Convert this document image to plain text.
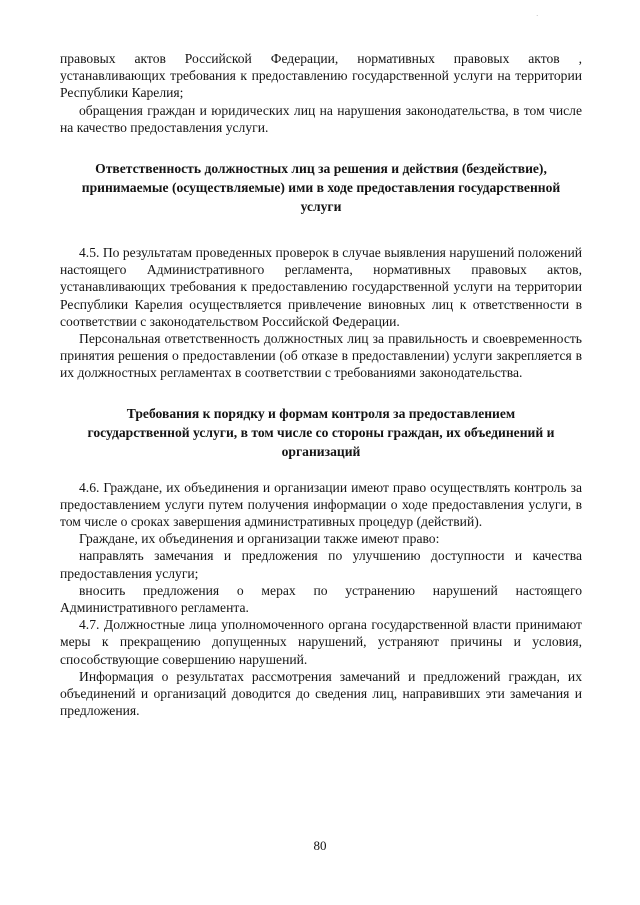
·

правовых актов Российской Федерации, нормативных правовых актов , устанавливающих требования к предоставлению государственной услуги на территории Республики Карелия;

обращения граждан и юридических лиц на нарушения законодательства, в том числе на качество предоставления услуги.

Ответственность должностных лиц за решения и действия (бездействие), принимаемые (осуществляемые) ими в ходе предоставления государственной услуги

4.5. По результатам проведенных проверок в случае выявления нарушений положений настоящего Административного регламента, нормативных правовых актов, устанавливающих требования к предоставлению государственной услуги на территории Республики Карелия осуществляется привлечение виновных лиц к ответственности в соответствии с законодательством Российской Федерации.

Персональная ответственность должностных лиц за правильность и своевременность принятия решения о предоставлении (об отказе в предоставлении) услуги закрепляется в их должностных регламентах в соответствии с требованиями законодательства.

Требования к порядку и формам контроля за предоставлением государственной услуги, в том числе со стороны граждан, их объединений и организаций

4.6. Граждане, их объединения и организации имеют право осуществлять контроль за предоставлением услуги путем получения информации о ходе предоставления услуги, в том числе о сроках завершения административных процедур (действий).

Граждане, их объединения и организации также имеют право:

направлять замечания и предложения по улучшению доступности и качества предоставления услуги;

вносить предложения о мерах по устранению нарушений настоящего Административного регламента.

4.7. Должностные лица уполномоченного органа государственной власти принимают меры к прекращению допущенных нарушений, устраняют причины и условия, способствующие совершению нарушений.

Информация о результатах рассмотрения замечаний и предложений граждан, их объединений и организаций доводится до сведения лиц, направивших эти замечания и предложения.

80
